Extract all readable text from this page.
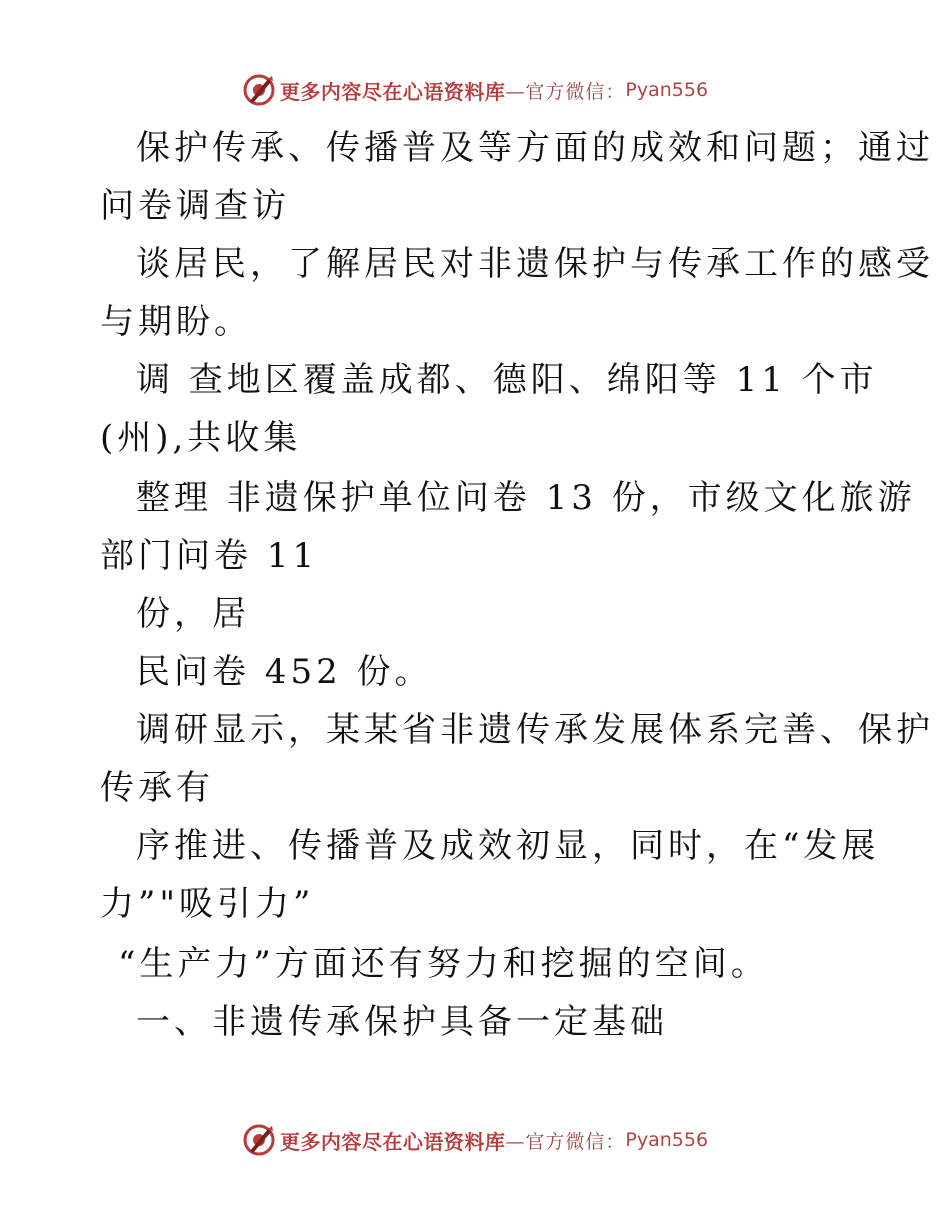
更多内容尽在心语资料库 —官方微信： Pyan556
保护传承、传播普及等方面的成效和问题；通过
问卷调查访
谈居民，了解居民对非遗保护与传承工作的感受
与期盼。
调 查地区覆盖成都、德阳、绵阳等 11 个市
(州),共收集
整理 非遗保护单位问卷 13 份，市级文化旅游
部门问卷 11
份，居
民问卷 452 份。
调研显示，某某省非遗传承发展体系完善、保护
传承有
序推进、传播普及成效初显，同时，在“发展
力”"吸引力”
“生产力”方面还有努力和挖掘的空间。
一、非遗传承保护具备一定基础
更多内容尽在心语资料库 —官方微信： Pyan556
